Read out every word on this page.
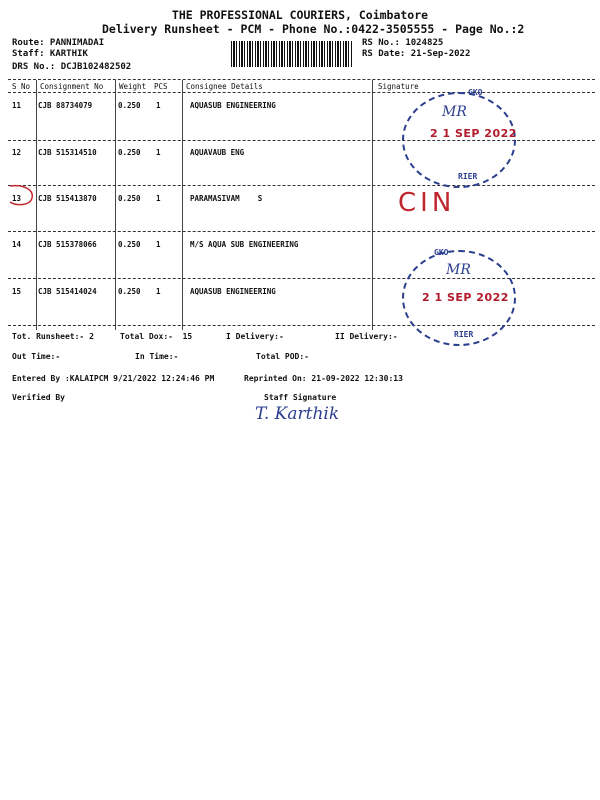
THE PROFESSIONAL COURIERS, Coimbatore
Delivery Runsheet - PCM - Phone No.:0422-3505555 - Page No.:2
Route: PANNIMADAI
Staff: KARTHIK
DRS No.: DCJB102482502
RS No.: 1024825
RS Date: 21-Sep-2022
S No Consignment No Weight PCS Consignee Details	Signature
11 CJB 88734079	0.250 1	AQUASUB ENGINEERING
12 CJB 515314510	0.250 1	AQUAVAUB ENG
13 CJB 515413870	0.250 1	PARAMASIVAM    S
14 CJB 515378066	0.250 1	M/S AQUA SUB ENGINEERING
15 CJB 515414024	0.250 1	AQUASUB ENGINEERING
Tot. Runsheet:- 2	Total Dox:-  15	I Delivery:-	II Delivery:-
Out Time:-	In Time:-	Total POD:-
Entered By :KALAIPCM 9/21/2022 12:24:46 PM	Reprinted On: 21-09-2022 12:30:13
Verified By	Staff Signature
GKO
RIER
MR
2 1 SEP 2022
GKO
RIER
MR
2 1 SEP 2022
CIN
T. Karthik
